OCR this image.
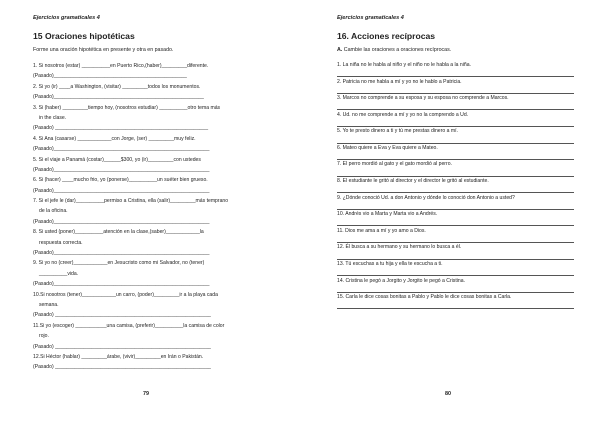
Ejercicios gramaticales 4
15 Oraciones hipotéticas
Forme una oración hipotética en presente y otra en pasado.
1. Si nosotros (estar) __________en Puerto Rico,(haber)_________diferente.
(Pasado)_______________________________________________
2. Si yo (ir) ____a Washington, (visitar) _________todos los monumentos.
(Pasado)_____________________________________________________
3. Si (haber) _________tiempo hoy, (nosotros estudiar) __________otro tema más
in the clase.
(Pasado) ______________________________________________________
4. Si Ana (casarse) ____________con Jorge, (ser) _________muy feliz.
(Pasado)_______________________________________________________
5. Si el viaje a Panamá (costar)______$300, yo (ir)_________con ustedes
(Pasado)_______________________________________________________
6. Si (hacer) ____mucho frio, yo (ponerse)__________un suéter bien grueso.
(Pasado)_______________________________________________________
7. Si el jefe le (dar)__________permiso a Cristina, ella (salir)_________más temprano
de la oficina.
(Pasado)_______________________________________________________
8. Si usted (poner)__________atención en la clase,(saber)____________la
respuesta correcta.
(Pasado)_______________________________________________________
9. Si yo no (creer)____________en Jesucristo como mi Salvador, no (tener)
__________vida.
(Pasado)_______________________________________________________
10.Si nosotros (tener)____________un carro, (poder)_________ir a la playa cada
semana.
(Pasado) _______________________________________________________
11.Si yo (escoger) ___________una camisa, (preferir)__________la camisa de color
rojo.
(Pasado) _______________________________________________________
12.Si Héctor (hablar) _________árabe, (vivir)_________en Irán o Pakistán.
(Pasado) _______________________________________________________
79
Ejercicios gramaticales 4
16. Acciones recíprocas
A. Cambie las oraciones a oraciones recíprocas.
1. La niña no le habla al niño y el niño no le habla a la niña.
2. Patricia no me habla a mí y yo no le hablo a Patricia.
3. Marcos no comprende a su esposa y su esposa no comprende a Marcos.
4. Ud. no me comprende a mí y yo no la comprendo a Ud.
5. Yo te presto dinero a ti y tú me prestas dinero a mí.
6. Mateo quiere a Eva y Eva quiere a Mateo.
7. El perro mordió al gato y el gato mordió al perro.
8. El estudiante le gritó al director y el director le gritó al estudiante.
9. ¿Dónde conoció Ud. a don Antonio y dónde lo conoció don Antonio a usted?
10. Andrés vio a Marta y Marta vio a Andrés.
11. Dios me ama a mí y yo amo a Dios.
12. Él busca a su hermano y su hermano lo busca a él.
13. Tú escuchas a tu hija y ella te escucha a ti.
14. Cristina le pegó a Jorgito y Jorgito le pegó a Cristina.
15. Carla le dice cosas bonitas a Pablo y Pablo le dice cosas bonitas a Carla.
80
